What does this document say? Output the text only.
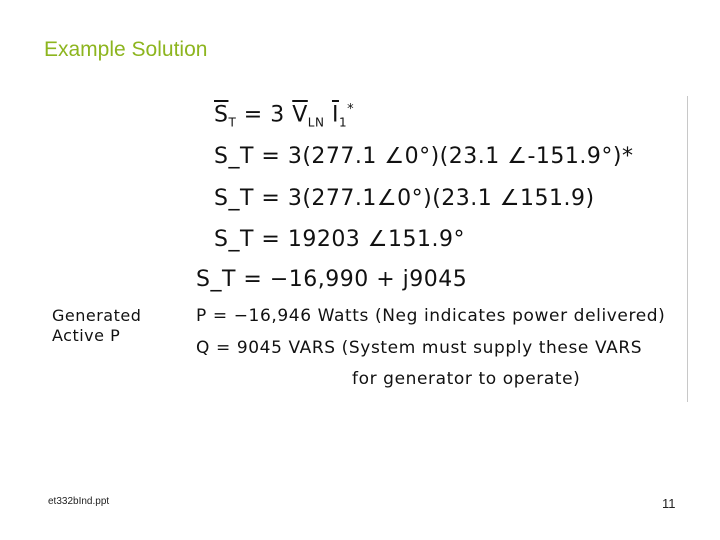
Example Solution
$\overline{S}_T = 3$ $\overline{V}_{LN}$ $\overline{I}_1^*$
S_T = 3(277.1 ∠0°)(23.1 ∠-151.9°)*
S_T = 3(277.1∠0°)(23.1 ∠151.9)
S_T = 19203 ∠151.9°
S_T = −16,990 + j9045
Generated Active P
P = −16,946 Watts (Neg indicates power delivered)
Q = 9045 VARS (System must supply these VARS
for generator to operate)
et332bInd.ppt	11
